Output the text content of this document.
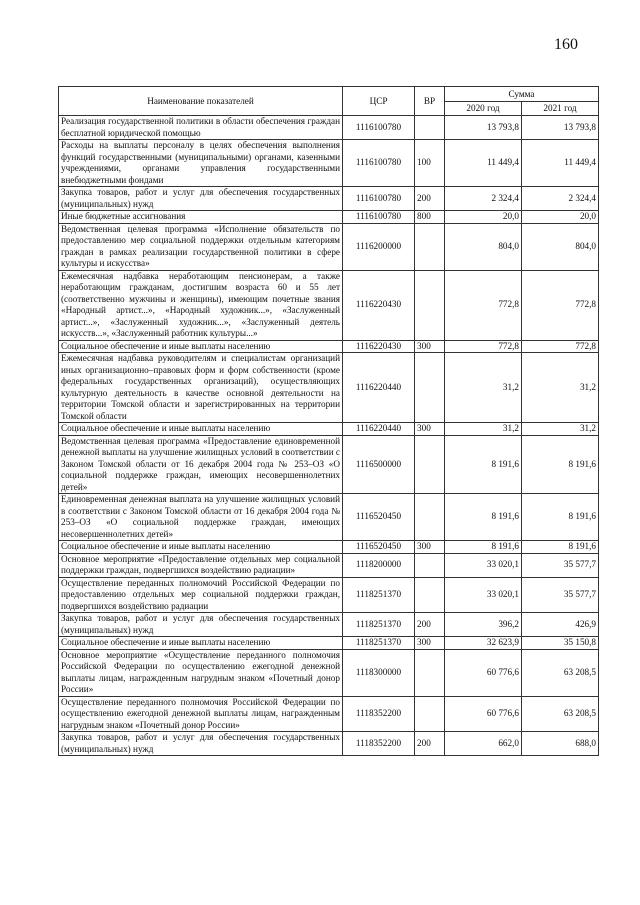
160
Наименование показателей	ЦСР	ВР	Сумма	
			2020 год	2021 год
Реализация государственной политики в области обеспечения граждан бесплатной юридической помощью	1116100780		13 793,8	13 793,8
Расходы на выплаты персоналу в целях обеспечения выполнения функций государственными (муниципальными) органами, казенными учреждениями, органами управления государственными внебюджетными фондами	1116100780	100	11 449,4	11 449,4
Закупка товаров, работ и услуг для обеспечения государственных (муниципальных) нужд	1116100780	200	2 324,4	2 324,4
Иные бюджетные ассигнования	1116100780	800	20,0	20,0
Ведомственная целевая программа «Исполнение обязательств по предоставлению мер социальной поддержки отдельным категориям граждан в рамках реализации государственной политики в сфере культуры и искусства»	1116200000		804,0	804,0
Ежемесячная надбавка неработающим пенсионерам, а также неработающим гражданам, достигшим возраста 60 и 55 лет (соответственно мужчины и женщины), имеющим почетные звания «Народный артист...», «Народный художник...», «Заслуженный артист...», «Заслуженный художник...», «Заслуженный деятель искусств...», «Заслуженный работник культуры...»	1116220430		772,8	772,8
Социальное обеспечение и иные выплаты населению	1116220430	300	772,8	772,8
Ежемесячная надбавка руководителям и специалистам организаций иных организационно–правовых форм и форм собственности (кроме федеральных государственных организаций), осуществляющих культурную деятельность в качестве основной деятельности на территории Томской области и зарегистрированных на территории Томской области	1116220440		31,2	31,2
Социальное обеспечение и иные выплаты населению	1116220440	300	31,2	31,2
Ведомственная целевая программа «Предоставление единовременной денежной выплаты на улучшение жилищных условий в соответствии с Законом Томской области от 16 декабря 2004 года № 253–ОЗ «О социальной поддержке граждан, имеющих несовершеннолетних детей»	1116500000		8 191,6	8 191,6
Единовременная денежная выплата на улучшение жилищных условий в соответствии с Законом Томской области от 16 декабря 2004 года № 253–ОЗ «О социальной поддержке граждан, имеющих несовершеннолетних детей»	1116520450		8 191,6	8 191,6
Социальное обеспечение и иные выплаты населению	1116520450	300	8 191,6	8 191,6
Основное мероприятие «Предоставление отдельных мер социальной поддержки граждан, подвергшихся воздействию радиации»	1118200000		33 020,1	35 577,7
Осуществление переданных полномочий Российской Федерации по предоставлению отдельных мер социальной поддержки граждан, подвергшихся воздействию радиации	1118251370		33 020,1	35 577,7
Закупка товаров, работ и услуг для обеспечения государственных (муниципальных) нужд	1118251370	200	396,2	426,9
Социальное обеспечение и иные выплаты населению	1118251370	300	32 623,9	35 150,8
Основное мероприятие «Осуществление переданного полномочия Российской Федерации по осуществлению ежегодной денежной выплаты лицам, награжденным нагрудным знаком «Почетный донор России»	1118300000		60 776,6	63 208,5
Осуществление переданного полномочия Российской Федерации по осуществлению ежегодной денежной выплаты лицам, награжденным нагрудным знаком «Почетный донор России»	1118352200		60 776,6	63 208,5
Закупка товаров, работ и услуг для обеспечения государственных (муниципальных) нужд	1118352200	200	662,0	688,0
